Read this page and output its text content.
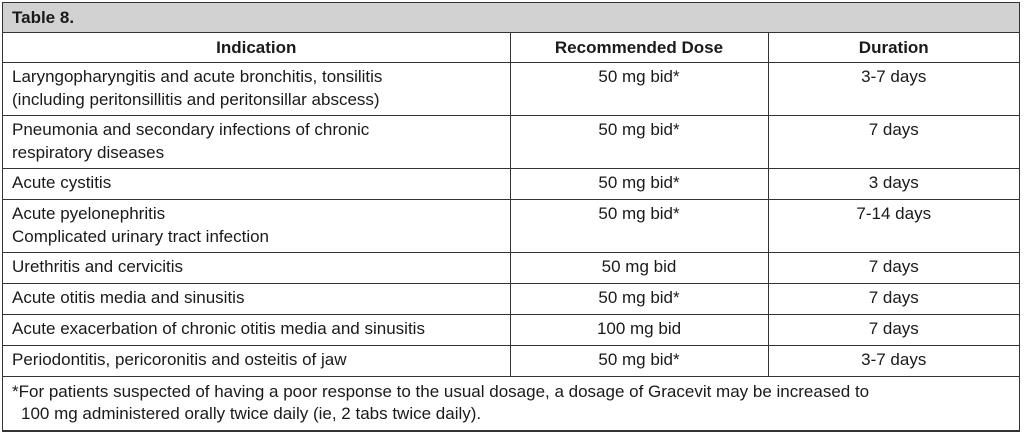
Table 8.
Indication	Recommended Dose	Duration

Laryngopharyngitis and acute bronchitis, tonsilitis
(including peritonsillitis and peritonsillar abscess)	50 mg bid*	3-7 days

Pneumonia and secondary infections of chronic
respiratory diseases	50 mg bid*	7 days

Acute cystitis	50 mg bid*	3 days

Acute pyelonephritis
Complicated urinary tract infection	50 mg bid*	7-14 days

Urethritis and cervicitis	50 mg bid	7 days

Acute otitis media and sinusitis	50 mg bid*	7 days

Acute exacerbation of chronic otitis media and sinusitis	100 mg bid	7 days

Periodontitis, pericoronitis and osteitis of jaw	50 mg bid*	3-7 days

*For patients suspected of having a poor response to the usual dosage, a dosage of Gracevit may be increased to
100 mg administered orally twice daily (ie, 2 tabs twice daily).		
